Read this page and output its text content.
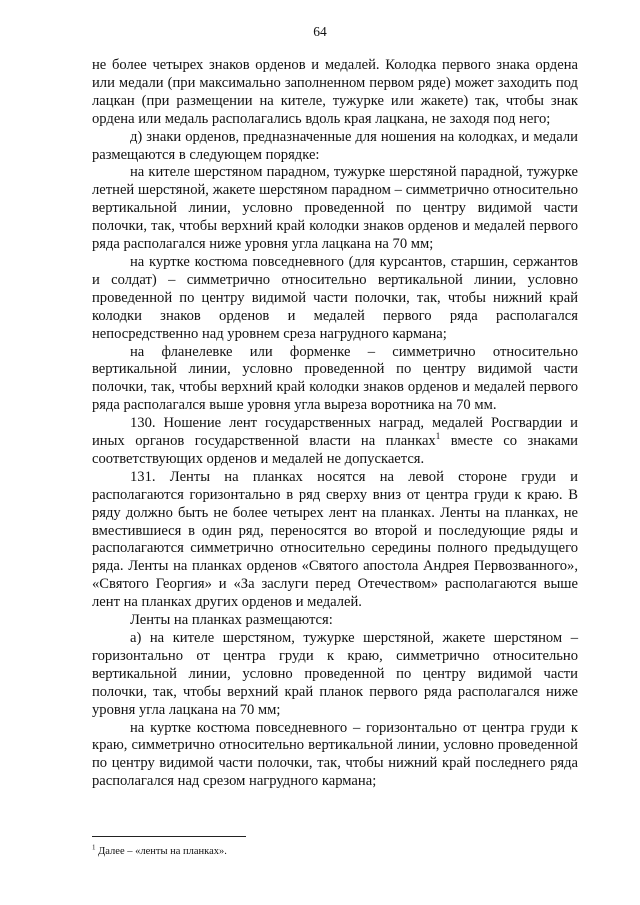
64

не более четырех знаков орденов и медалей. Колодка первого знака ордена или медали (при максимально заполненном первом ряде) может заходить под лацкан (при размещении на кителе, тужурке или жакете) так, чтобы знак ордена или медаль располагались вдоль края лацкана, не заходя под него;

д) знаки орденов, предназначенные для ношения на колодках, и медали размещаются в следующем порядке:

на кителе шерстяном парадном, тужурке шерстяной парадной, тужурке летней шерстяной, жакете шерстяном парадном – симметрично относительно вертикальной линии, условно проведенной по центру видимой части полочки, так, чтобы верхний край колодки знаков орденов и медалей первого ряда располагался ниже уровня угла лацкана на 70 мм;

на куртке костюма повседневного (для курсантов, старшин, сержантов и солдат) – симметрично относительно вертикальной линии, условно проведенной по центру видимой части полочки, так, чтобы нижний край колодки знаков орденов и медалей первого ряда располагался непосредственно над уровнем среза нагрудного кармана;

на фланелевке или форменке – симметрично относительно вертикальной линии, условно проведенной по центру видимой части полочки, так, чтобы верхний край колодки знаков орденов и медалей первого ряда располагался выше уровня угла выреза воротника на 70 мм.

130. Ношение лент государственных наград, медалей Росгвардии и иных органов государственной власти на планках$^1$ вместе со знаками соответствующих орденов и медалей не допускается.

131. Ленты на планках носятся на левой стороне груди и располагаются горизонтально в ряд сверху вниз от центра груди к краю. В ряду должно быть не более четырех лент на планках. Ленты на планках, не вместившиеся в один ряд, переносятся во второй и последующие ряды и располагаются симметрично относительно середины полного предыдущего ряда. Ленты на планках орденов «Святого апостола Андрея Первозванного», «Святого Георгия» и «За заслуги перед Отечеством» располагаются выше лент на планках других орденов и медалей.

Ленты на планках размещаются:

а) на кителе шерстяном, тужурке шерстяной, жакете шерстяном – горизонтально от центра груди к краю, симметрично относительно вертикальной линии, условно проведенной по центру видимой части полочки, так, чтобы верхний край планок первого ряда располагался ниже уровня угла лацкана на 70 мм;

на куртке костюма повседневного – горизонтально от центра груди к краю, симметрично относительно вертикальной линии, условно проведенной по центру видимой части полочки, так, чтобы нижний край последнего ряда располагался над срезом нагрудного кармана;

$^1$ Далее – «ленты на планках».
